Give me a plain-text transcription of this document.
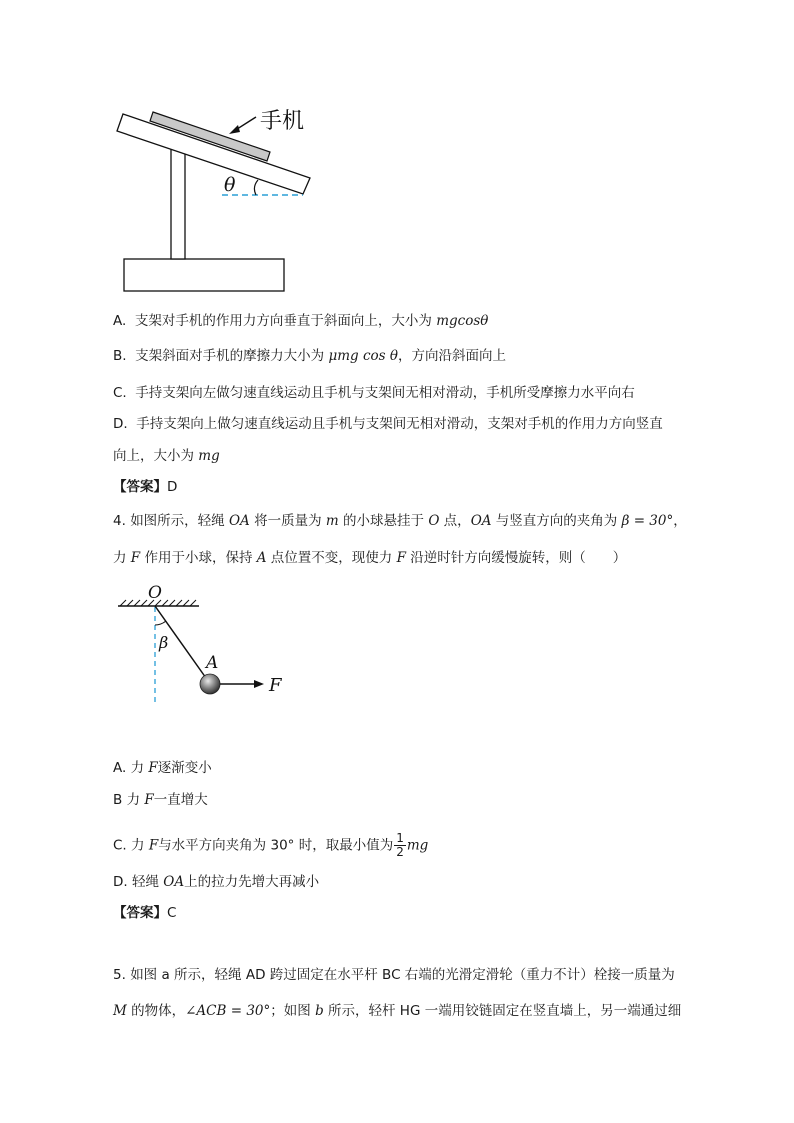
θ
手机
A. 支架对手机的作用力方向垂直于斜面向上，大小为 mgcosθ
B. 支架斜面对手机的摩擦力大小为 μmg cos θ，方向沿斜面向上
C. 手持支架向左做匀速直线运动且手机与支架间无相对滑动，手机所受摩擦力水平向右
D. 手持支架向上做匀速直线运动且手机与支架间无相对滑动，支架对手机的作用力方向竖直
向上，大小为 mg
【答案】D
4. 如图所示，轻绳 OA 将一质量为 m 的小球悬挂于 O 点，OA 与竖直方向的夹角为 β = 30°，
力 F 作用于小球，保持 A 点位置不变，现使力 F 沿逆时针方向缓慢旋转，则（　　）
O
β
A
F
A. 力 F逐渐变小
B 力 F一直增大
C. 力 F与水平方向夹角为 30° 时，取最小值为 $\frac{1}{2}$ mg
D. 轻绳 OA上的拉力先增大再减小
【答案】C
5. 如图 a 所示，轻绳 AD 跨过固定在水平杆 BC 右端的光滑定滑轮（重力不计）栓接一质量为
M 的物体，∠ACB = 30°；如图 b 所示，轻杆 HG 一端用铰链固定在竖直墙上，另一端通过细
